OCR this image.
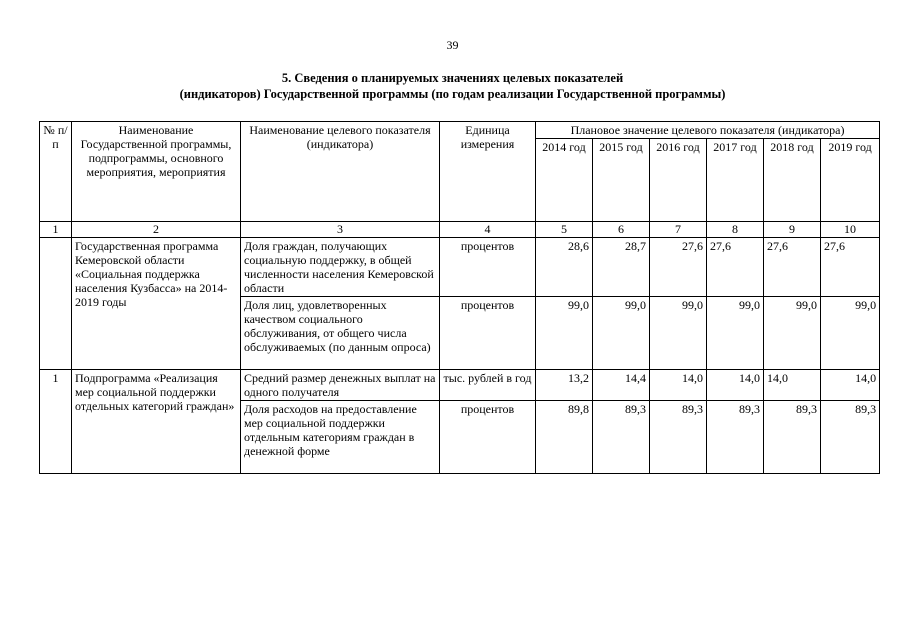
39
5. Сведения о планируемых значениях целевых показателей
(индикаторов) Государственной программы (по годам реализации Государственной программы)
№ п/п	Наименование Государственной программы, подпрограммы, основного мероприятия, мероприятия	Наименование целевого показателя (индикатора)	Единица измерения	Плановое значение целевого показателя (индикатора)					
				2014 год	2015 год	2016 год	2017 год	2018 год	2019 год
1	2	3	4	5	6	7	8	9	10
	Государственная программа Кемеровской области «Социальная поддержка населения Кузбасса» на 2014-2019 годы	Доля граждан, получающих социальную поддержку, в общей численности населения Кемеровской области	процентов	28,6	28,7	27,6	27,6	27,6	27,6
		Доля лиц, удовлетворенных качеством социального обслуживания, от общего числа обслуживаемых (по данным опроса)	процентов	99,0	99,0	99,0	99,0	99,0	99,0
1	Подпрограмма «Реализация мер социальной поддержки отдельных категорий граждан»	Средний размер денежных выплат на одного получателя	тыс. рублей в год	13,2	14,4	14,0	14,0	14,0	14,0
		Доля расходов на предоставление мер социальной поддержки отдельным категориям граждан в денежной форме	процентов	89,8	89,3	89,3	89,3	89,3	89,3
